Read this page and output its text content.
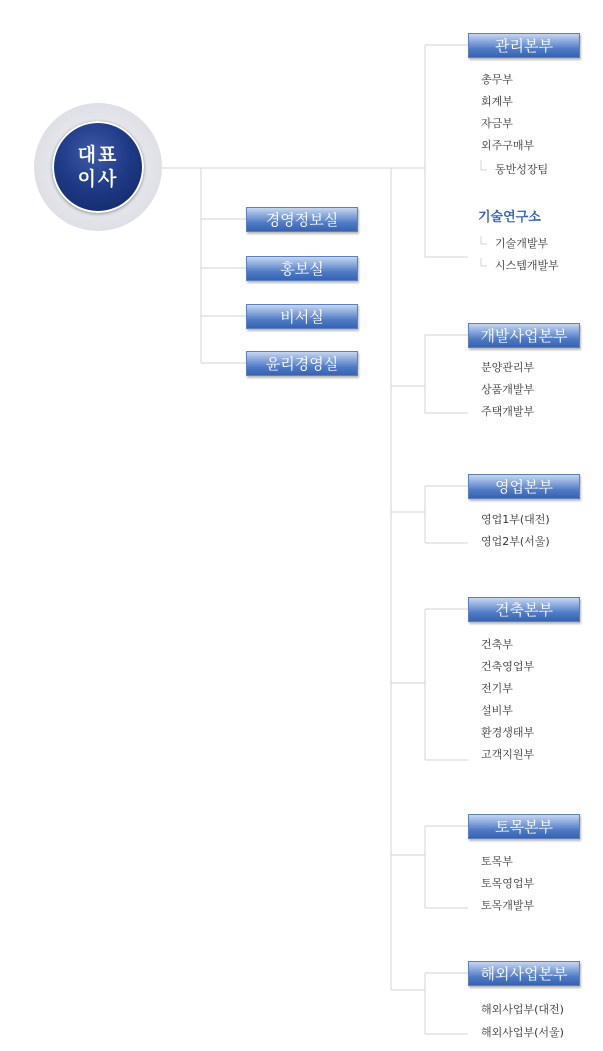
대표
이사
경영정보실
홍보실
비서실
윤리경영실
관리본부
총무부
회계부
자금부
외주구매부
동반성장팀
기술연구소
기술개발부
시스템개발부
개발사업본부
분양관리부
상품개발부
주택개발부
영업본부
영업1부(대전)
영업2부(서울)
건축본부
건축부
건축영업부
전기부
설비부
환경생태부
고객지원부
토목본부
토목부
토목영업부
토목개발부
해외사업본부
해외사업부(대전)
해외사업부(서울)
